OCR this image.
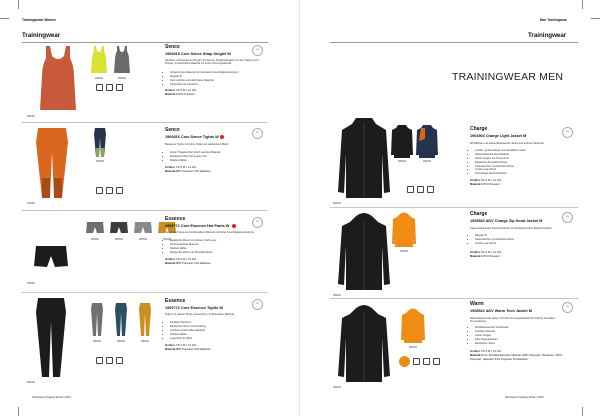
Trainingswear Women
Trainingwear
485000	999000
485000
Sence
1906815 Core Sence Strap Singlet W
XS
Weiches und bequemes Singlet mit dünnen Spaghettiträgern für das Training und Fitness. Funktionelles Material mit hoher Atmungsaktivität.
• Vorgeformtes Material mit optimalem Feuchtigkeitstransport
• Regular fit
• Sehr weiches und dehnbares Material
• Körperbetonte Passform
Größen:XS S M L XL 2XL
Material:100% Polyester
999000
430000
Sence
1906816 Core Sence Tights W
XS
Bequeme Tights mit hoher Taille und elastischem Bund.
• Hoher Tragekomfort durch weiches Material
• Elastischer Bund für besten Sitz
• Flatlock-Nähte
Größen:XS S M L XL 2XL
Material:88% Polyester 12% Elasthan
985000	985000	985000	595000
999000
Essence
1909772 Core Essence Hot Pants W
XS
Kurze Hot Pants aus funktionellem Material mit hoher Feuchtigkeitsaufnahme.
• Elastischer Bund mit großem Craft-Logo
• Atmungsaktives Material
• Flatlock-Nähte
• Breites Bündchen am Beinabschluss
Größen:XS S M L XL 2XL
Material:88% Polyester 12% Elasthan
985000	985000	980000
999000
Essence
1909772 Core Essence Tights W
XS
Tights mit weitem Bund und leichtem, funktionellem Material.
• Perfekte Passform
• Elastischer Bund mit Kordelzug
• Leichtes funktionelles Material
• Flatlock-Nähte
• Logo-Print am Bein
Größen:XS S M L XL 2XL
Material:88% Polyester 12% Elasthan
Workwear Katalog Winter 2023
Men Trainingwear
Trainingwear
TRAININGWEAR MEN
999000	390000
999000
Charge
1904503 Charge Light Jacket M
XS
Winddichte und wasserabweisende Jacke aus leichtem Material.
• Leichte, geräuschlose und winddichte Jacke
• Wasserabweisendes Material
• Hoher Kragen mit Kinnschutz
• Elastische Ärmelabschlüsse
• Seitentaschen mit Reißverschluss
• Große Logo-Prints
• Zwei-Wege-Reißverschluss
Größen:XS S M L XL 2XL
Material:100% Polyester
580000
999000
Charge
1908520 ADV Charge Zip Hood Jacket M
XS
Kapuzenjacke aus Stretchmaterial mit durchgehendem Reißverschluss.
• Regular fit
• Seitentaschen mit Reißverschluss
• Große Logo-Prints
Größen:XS S M L XL 2XL
Material:100% Polyester
580000
999000
Warm
1908522 ADV Warm Tech Jacket M
XS
Wärmeisolierende Jacke mit hoher Atmungsaktivität für Training bei kalten Temperaturen.
• Windabweisende Vorderseite
• Leichtes Material
• Hoher Kragen
• Zwei Seitentaschen
• Elastischer Saum
Größen:XS S M L XL 2XL
Material:Front: Windabweisendes Material 100% Polyester; Rückseite: 100% Polyester; Hauptteil: 94% Polyester 6% Elasthan
Workwear Katalog Winter 2023
